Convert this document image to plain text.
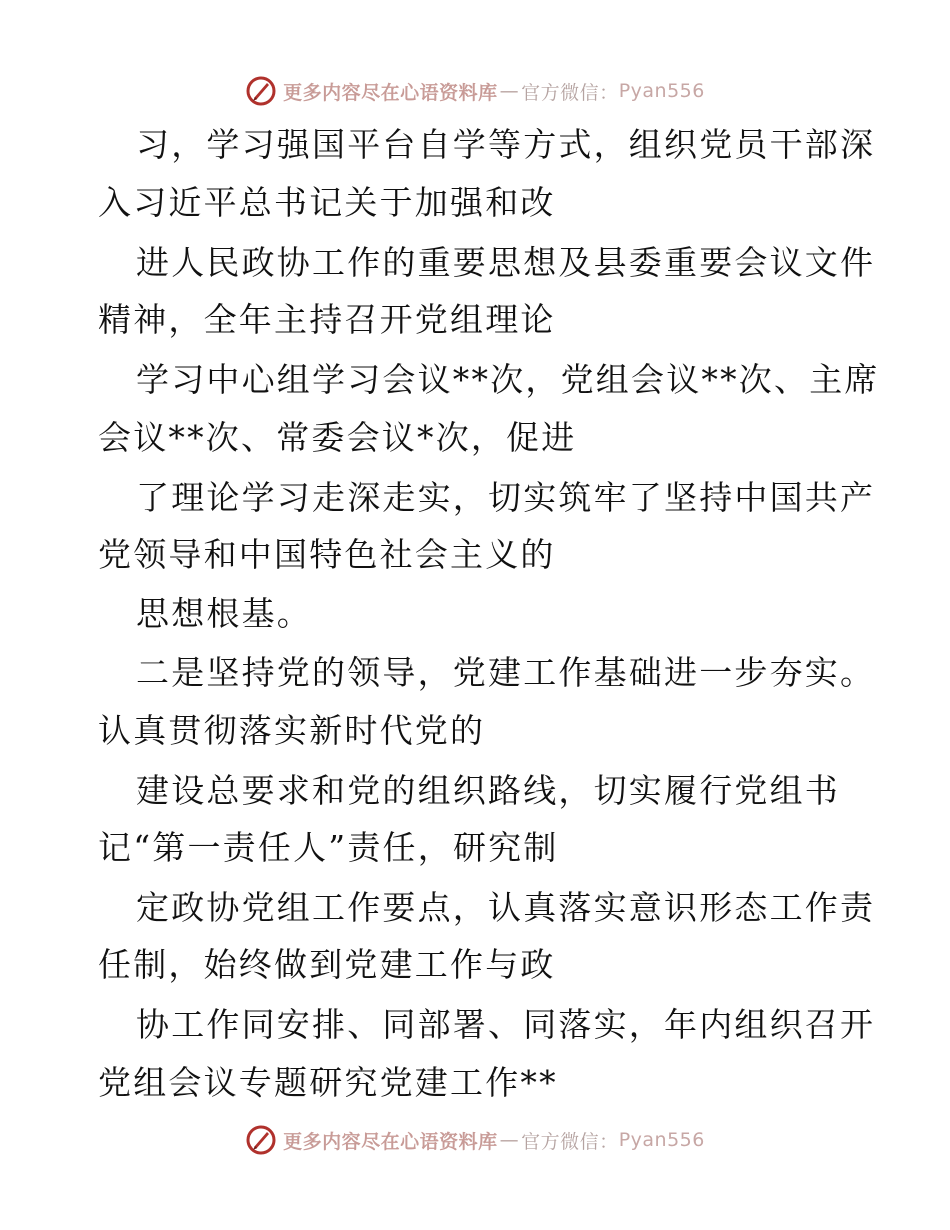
更多内容尽在心语资料库 — 官方微信： Pyan556
习，学习强国平台自学等方式，组织党员干部深
入习近平总书记关于加强和改
进人民政协工作的重要思想及县委重要会议文件
精神，全年主持召开党组理论
学习中心组学习会议**次，党组会议**次、主席
会议**次、常委会议*次，促进
了理论学习走深走实，切实筑牢了坚持中国共产
党领导和中国特色社会主义的
思想根基。
二是坚持党的领导，党建工作基础进一步夯实。
认真贯彻落实新时代党的
建设总要求和党的组织路线，切实履行党组书
记“第一责任人”责任，研究制
定政协党组工作要点，认真落实意识形态工作责
任制，始终做到党建工作与政
协工作同安排、同部署、同落实，年内组织召开
党组会议专题研究党建工作**
更多内容尽在心语资料库 — 官方微信： Pyan556
